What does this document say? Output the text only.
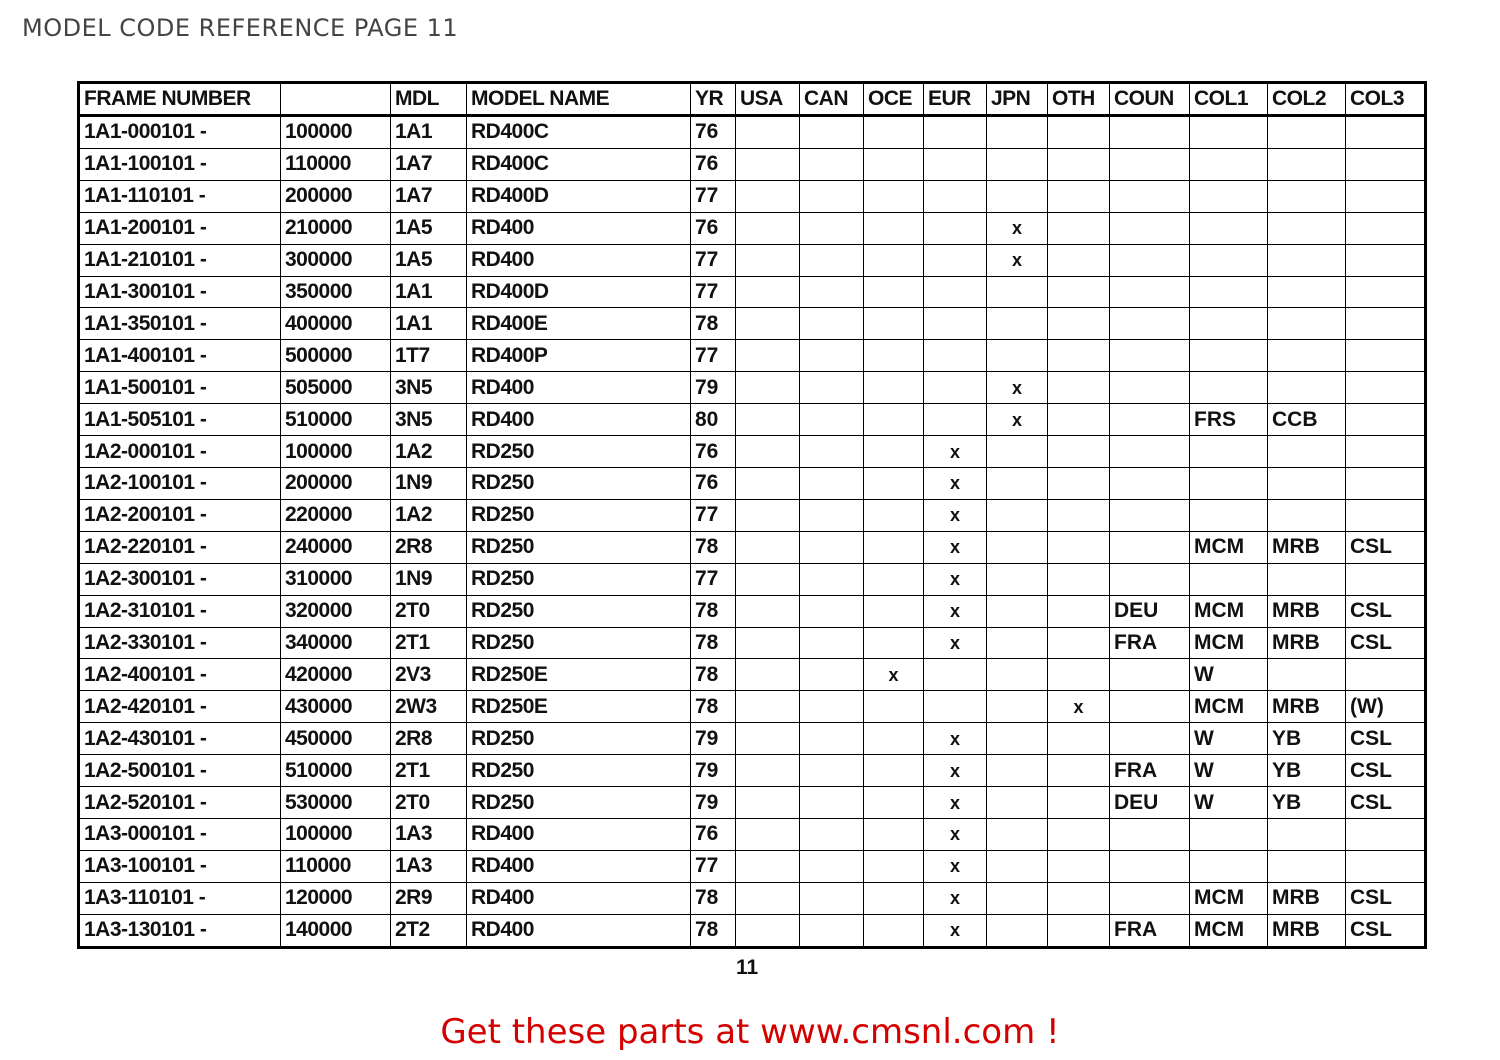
MODEL CODE REFERENCE PAGE 11
FRAME NUMBER		MDL	MODEL NAME	YR	USA	CAN	OCE	EUR	JPN	OTH	COUN	COL1	COL2	COL3
1A1-000101 -	100000	1A1	RD400C	76										
1A1-100101 -	110000	1A7	RD400C	76										
1A1-110101 -	200000	1A7	RD400D	77										
1A1-200101 -	210000	1A5	RD400	76					x					
1A1-210101 -	300000	1A5	RD400	77					x					
1A1-300101 -	350000	1A1	RD400D	77										
1A1-350101 -	400000	1A1	RD400E	78										
1A1-400101 -	500000	1T7	RD400P	77										
1A1-500101 -	505000	3N5	RD400	79					x					
1A1-505101 -	510000	3N5	RD400	80					x			FRS	CCB	
1A2-000101 -	100000	1A2	RD250	76				x						
1A2-100101 -	200000	1N9	RD250	76				x						
1A2-200101 -	220000	1A2	RD250	77				x						
1A2-220101 -	240000	2R8	RD250	78				x				MCM	MRB	CSL
1A2-300101 -	310000	1N9	RD250	77				x						
1A2-310101 -	320000	2T0	RD250	78				x			DEU	MCM	MRB	CSL
1A2-330101 -	340000	2T1	RD250	78				x			FRA	MCM	MRB	CSL
1A2-400101 -	420000	2V3	RD250E	78			x					W		
1A2-420101 -	430000	2W3	RD250E	78						x		MCM	MRB	(W)
1A2-430101 -	450000	2R8	RD250	79				x				W	YB	CSL
1A2-500101 -	510000	2T1	RD250	79				x			FRA	W	YB	CSL
1A2-520101 -	530000	2T0	RD250	79				x			DEU	W	YB	CSL
1A3-000101 -	100000	1A3	RD400	76				x						
1A3-100101 -	110000	1A3	RD400	77				x						
1A3-110101 -	120000	2R9	RD400	78				x				MCM	MRB	CSL
1A3-130101 -	140000	2T2	RD400	78				x			FRA	MCM	MRB	CSL
11
Get these parts at www.cmsnl.com !
